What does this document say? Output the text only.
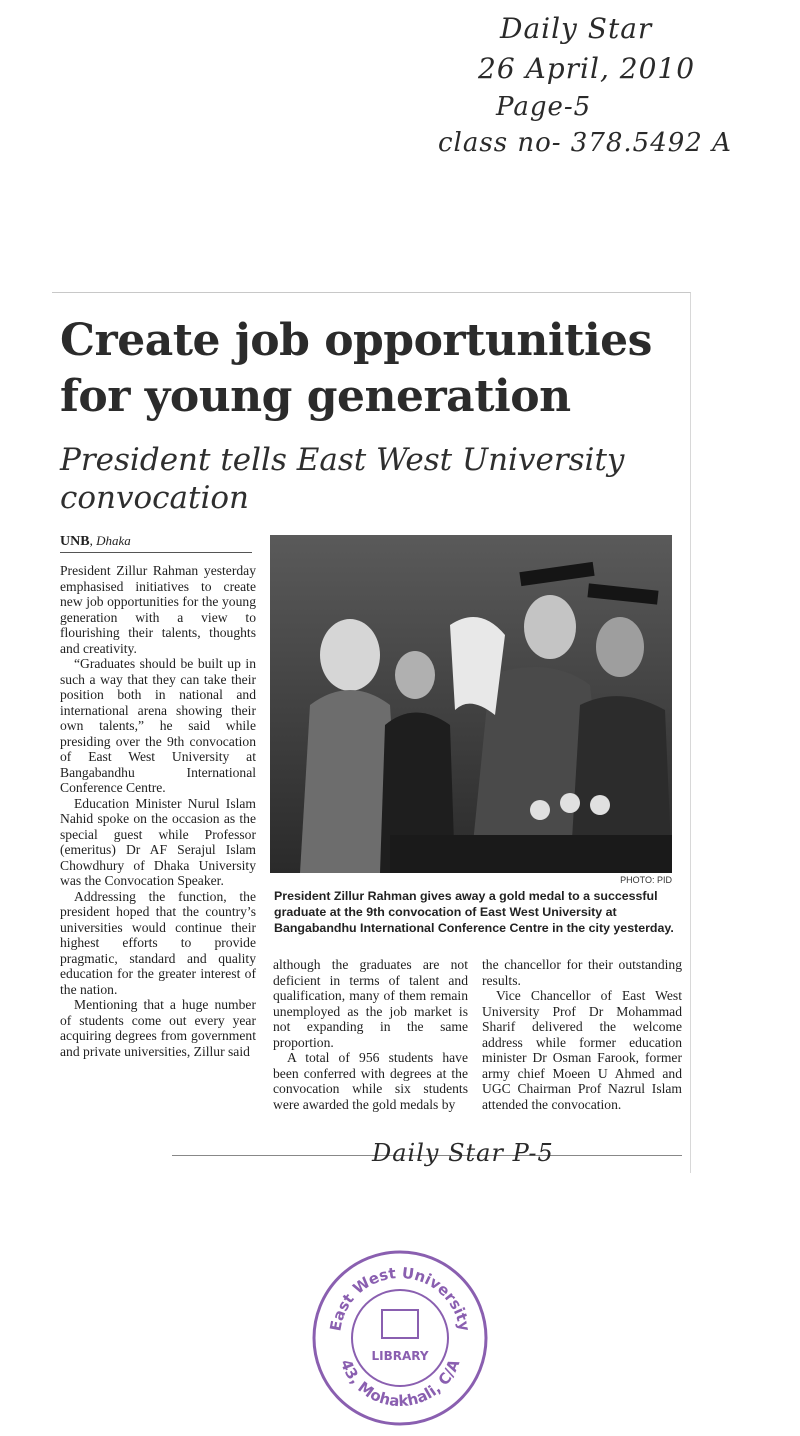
Daily Star
26 April, 2010
Page-5
class no- 378.5492 A
Create job opportunities for young generation
President tells East West University convocation
UNB, Dhaka

President Zillur Rahman yesterday emphasised initiatives to create new job opportunities for the young generation with a view to flourishing their talents, thoughts and creativity.

“Graduates should be built up in such a way that they can take their position both in national and international arena showing their own talents,” he said while presiding over the 9th convocation of East West University at Bangabandhu International Conference Centre.

Education Minister Nurul Islam Nahid spoke on the occasion as the special guest while Professor (emeritus) Dr AF Serajul Islam Chowdhury of Dhaka University was the Convocation Speaker.

Addressing the function, the president hoped that the country’s universities would continue their highest efforts to provide pragmatic, standard and quality education for the greater interest of the nation.

Mentioning that a huge number of students come out every year acquiring degrees from government and private universities, Zillur said

PHOTO: PID
President Zillur Rahman gives away a gold medal to a successful graduate at the 9th convocation of East West University at Bangabandhu International Conference Centre in the city yesterday.

although the graduates are not deficient in terms of talent and qualification, many of them remain unemployed as the job market is not expanding in the same proportion.

A total of 956 students have been conferred with degrees at the convocation while six students were awarded the gold medals by

the chancellor for their outstanding results.

Vice Chancellor of East West University Prof Dr Mohammad Sharif delivered the welcome address while former education minister Dr Osman Farook, former army chief Moeen U Ahmed and UGC Chairman Prof Nazrul Islam attended the convocation.

Daily Star P-5
East West University
43, Mohakhali, C/A
LIBRARY
